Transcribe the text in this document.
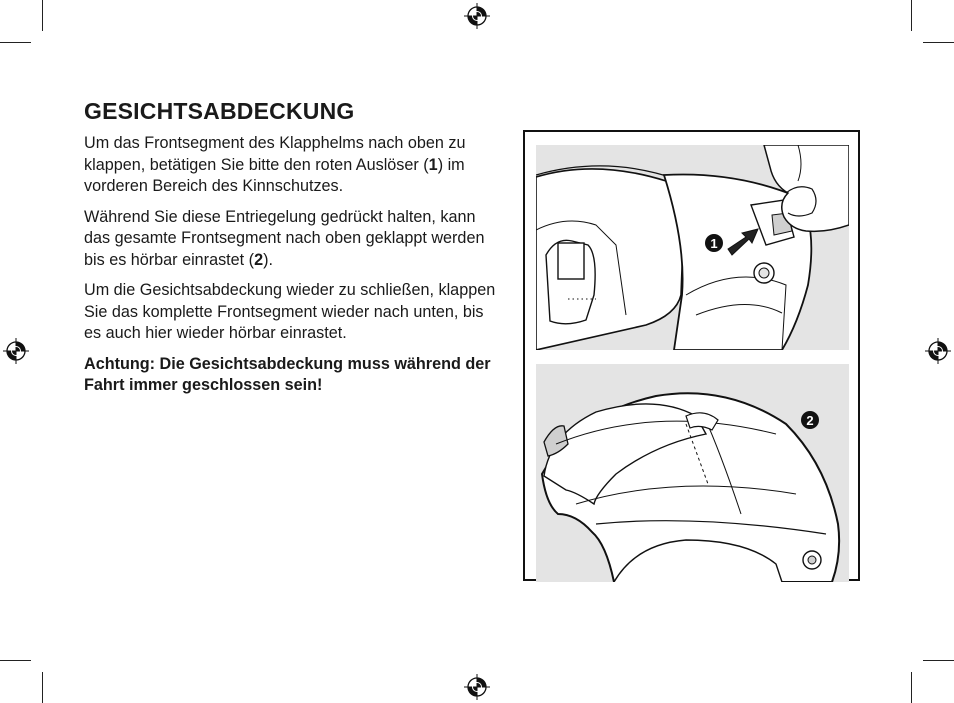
GESICHTSABDECKUNG

Um das Frontsegment des Klapphelms nach oben zu klappen, betätigen Sie bitte den roten Auslöser (1) im vorderen Bereich des Kinnschutzes.

Während Sie diese Entriegelung gedrückt halten, kann das gesamte Frontsegment nach oben geklappt werden bis es hörbar einrastet (2).

Um die Gesichtsabdeckung wieder zu schließen, klappen Sie das komplette Frontsegment wieder nach unten, bis es auch hier wieder hörbar einrastet.

Achtung: Die Gesichtsabdeckung muss während der Fahrt immer geschlossen sein!

1
2
